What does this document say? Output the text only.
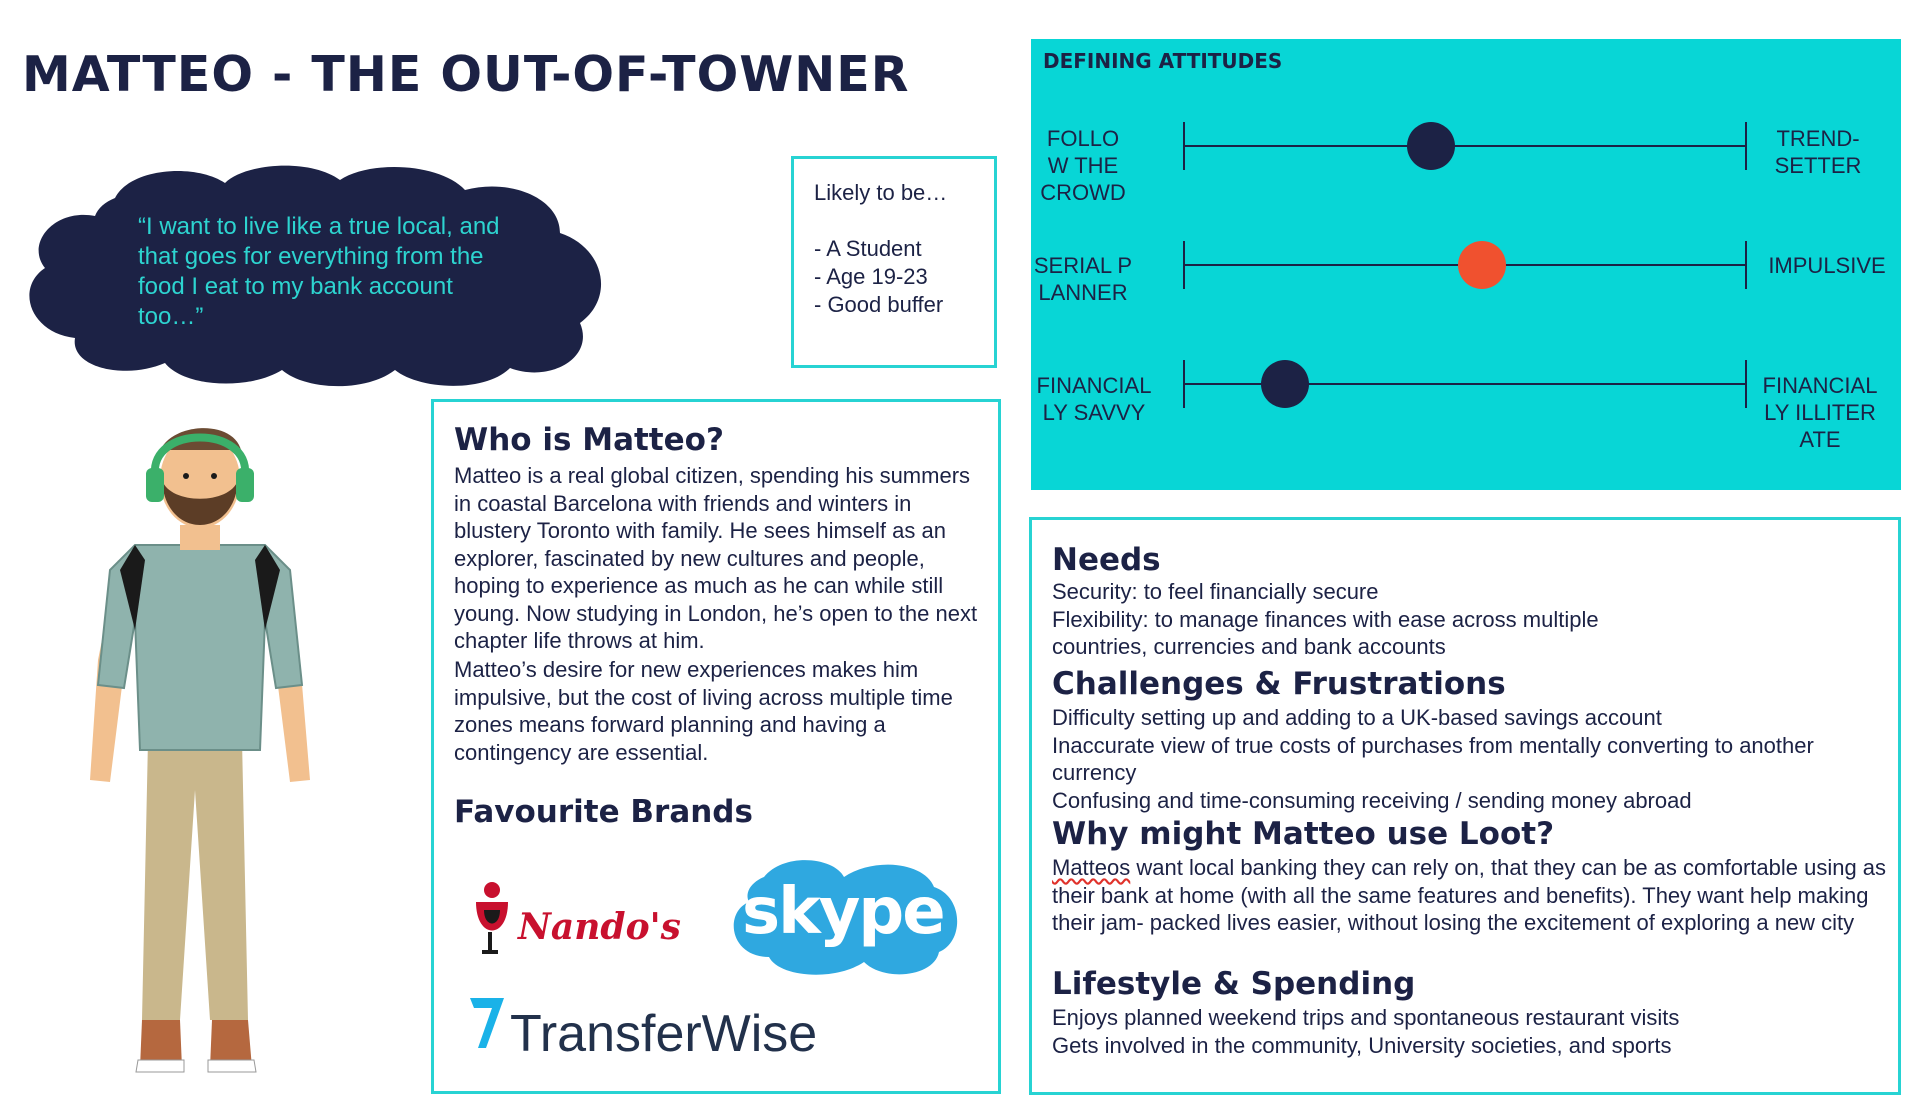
MATTEO - THE OUT-OF-TOWNER
“I want to live like a true local, and that goes for everything from the food I eat to my bank account too…”
Likely to be…
- A Student
- Age 19-23
- Good buffer
DEFINING ATTITUDES
FOLLOW THE CROWD
TREND-SETTER
SERIAL PLANNER
IMPULSIVE
FINANCIALLY SAVVY
FINANCIALLY ILLITERATE
Who is Matteo?
Matteo is a real global citizen, spending his summers in coastal Barcelona with friends and winters in blustery Toronto with family. He sees himself as an explorer, fascinated by new cultures and people, hoping to experience as much as he can while still young. Now studying in London, he’s open to the next chapter life throws at him.
Matteo’s desire for new experiences makes him impulsive, but the cost of living across multiple time zones means forward planning and having a contingency are essential.
Favourite Brands
Nando's skype
TransferWise
Needs
Security: to feel financially secure
Flexibility: to manage finances with ease across multiple countries, currencies and bank accounts
Challenges & Frustrations
Difficulty setting up and adding to a UK-based savings account
Inaccurate view of true costs of purchases from mentally converting to another currency
Confusing and time-consuming receiving / sending money abroad
Why might Matteo use Loot?
Matteos want local banking they can rely on, that they can be as comfortable using as their bank at home (with all the same features and benefits). They want help making their jam- packed lives easier, without losing the excitement of exploring a new city
Lifestyle & Spending
Enjoys planned weekend trips and spontaneous restaurant visits
Gets involved in the community, University societies, and sports
